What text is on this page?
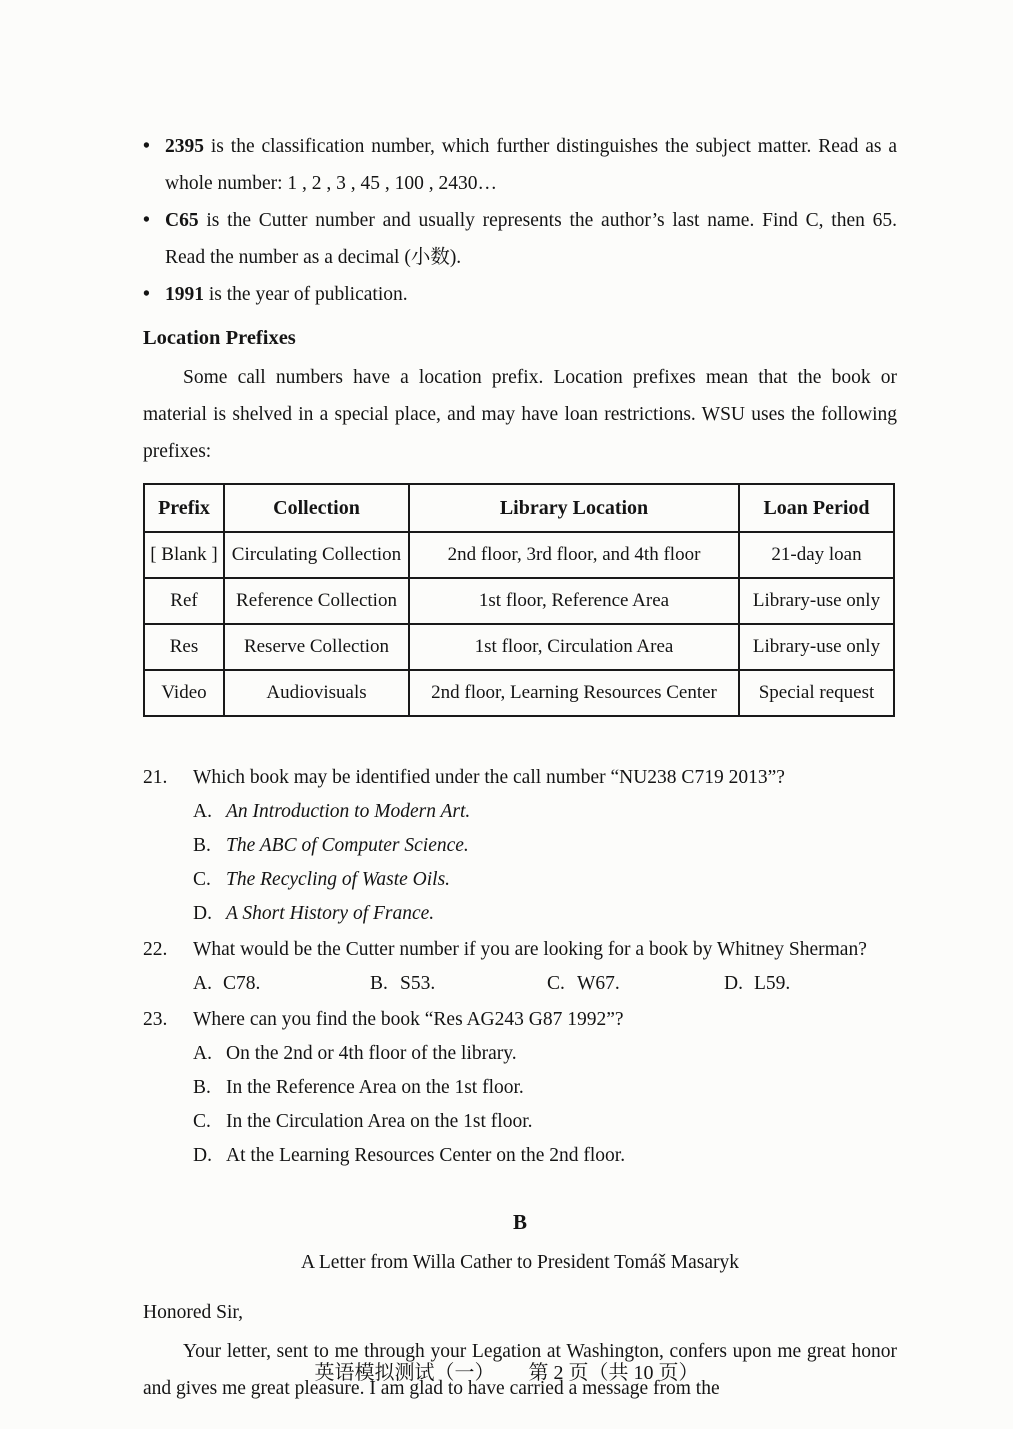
• 2395 is the classification number, which further distinguishes the subject matter. Read as a whole number: 1 , 2 , 3 , 45 , 100 , 2430…

• C65 is the Cutter number and usually represents the author’s last name. Find C, then 65. Read the number as a decimal (小数).

• 1991 is the year of publication.

Location Prefixes

Some call numbers have a location prefix. Location prefixes mean that the book or material is shelved in a special place, and may have loan restrictions. WSU uses the following prefixes:

Prefix	Collection	Library Location	Loan Period
[ Blank ]	Circulating Collection	2nd floor, 3rd floor, and 4th floor	21-day loan
Ref	Reference Collection	1st floor, Reference Area	Library-use only
Res	Reserve Collection	1st floor, Circulation Area	Library-use only
Video	Audiovisuals	2nd floor, Learning Resources Center	Special request
21.	Which book may be identified under the call number “NU238 C719 2013”?
A. An Introduction to Modern Art.
B. The ABC of Computer Science.
C. The Recycling of Waste Oils.
D. A Short History of France.
22.	What would be the Cutter number if you are looking for a book by Whitney Sherman?
A. C78.	B. S53.	C. W67.	D. L59.
23.	Where can you find the book “Res AG243 G87 1992”?
A. On the 2nd or 4th floor of the library.
B. In the Reference Area on the 1st floor.
C. In the Circulation Area on the 1st floor.
D. At the Learning Resources Center on the 2nd floor.
B
A Letter from Willa Cather to President Tomáš Masaryk
Honored Sir,

Your letter, sent to me through your Legation at Washington, confers upon me great honor and gives me great pleasure. I am glad to have carried a message from the

英语模拟测试（一） 第 2 页（共 10 页）
